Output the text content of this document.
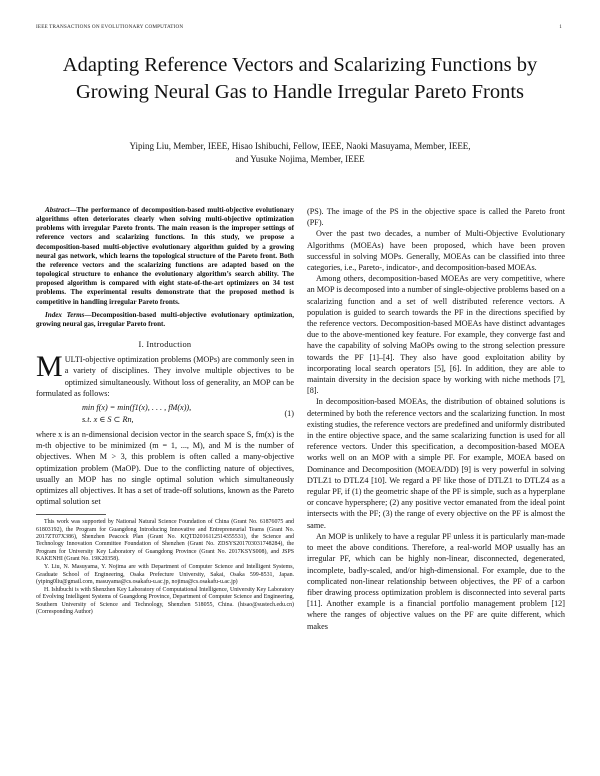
IEEE TRANSACTIONS ON EVOLUTIONARY COMPUTATION	1
Adapting Reference Vectors and Scalarizing Functions by Growing Neural Gas to Handle Irregular Pareto Fronts
Yiping Liu, Member, IEEE, Hisao Ishibuchi, Fellow, IEEE, Naoki Masuyama, Member, IEEE,
and Yusuke Nojima, Member, IEEE

Abstract—The performance of decomposition-based multi-objective evolutionary algorithms often deteriorates clearly when solving multi-objective optimization problems with irregular Pareto fronts. The main reason is the improper settings of reference vectors and scalarizing functions. In this study, we propose a decomposition-based multi-objective evolutionary algorithm guided by a growing neural gas network, which learns the topological structure of the Pareto front. Both the reference vectors and the scalarizing functions are adapted based on the topological structure to enhance the evolutionary algorithm’s search ability. The proposed algorithm is compared with eight state-of-the-art optimizers on 34 test problems. The experimental results demonstrate that the proposed method is competitive in handling irregular Pareto fronts.

Index Terms—Decomposition-based multi-objective evolutionary optimization, growing neural gas, irregular Pareto front.

I. Introduction

MULTI-objective optimization problems (MOPs) are commonly seen in a variety of disciplines. They involve multiple objectives to be optimized simultaneously. Without loss of generality, an MOP can be formulated as follows:

min f(x) = min(f1(x), . . . , fM(x)),
s.t. x ∈ S ⊂ Rn,
(1)

where x is an n-dimensional decision vector in the search space S, fm(x) is the m-th objective to be minimized (m = 1, ..., M), and M is the number of objectives. When M > 3, this problem is often called a many-objective optimization problem (MaOP). Due to the conflicting nature of objectives, usually an MOP has no single optimal solution which simultaneously optimizes all objectives. It has a set of trade-off solutions, known as the Pareto optimal solution set

This work was supported by National Natural Science Foundation of China (Grant No. 61876075 and 61803192), the Program for Guangdong Introducing Innovative and Entrepreneurial Teams (Grant No. 2017ZT07X386), Shenzhen Peacock Plan (Grant No. KQTD2016112514355531), the Science and Technology Innovation Committee Foundation of Shenzhen (Grant No. ZDSYS201703031748284), the Program for University Key Laboratory of Guangdong Province (Grant No. 2017KSYS008), and JSPS KAKENHI (Grant No. 19K20358).

Y. Liu, N. Masuyama, Y. Nojima are with Department of Computer Science and Intelligent Systems, Graduate School of Engineering, Osaka Prefecture University, Sakai, Osaka 599-8531, Japan. (yiping0liu@gmail.com, masuyama@cs.osakafu-u.ac.jp, nojima@cs.osakafu-u.ac.jp)

H. Ishibuchi is with Shenzhen Key Laboratory of Computational Intelligence, University Key Laboratory of Evolving Intelligent Systems of Guangdong Province, Department of Computer Science and Engineering, Southern University of Science and Technology, Shenzhen 518055, China. (hisao@sustech.edu.cn) (Corresponding Author)

(PS). The image of the PS in the objective space is called the Pareto front (PF).

Over the past two decades, a number of Multi-Objective Evolutionary Algorithms (MOEAs) have been proposed, which have been proven successful in solving MOPs. Generally, MOEAs can be classified into three categories, i.e., Pareto-, indicator-, and decomposition-based MOEAs.

Among others, decomposition-based MOEAs are very competitive, where an MOP is decomposed into a number of single-objective problems based on a scalarizing function and a set of well distributed reference vectors. A population is guided to search towards the PF in the directions specified by the reference vectors. Decomposition-based MOEAs have distinct advantages due to the above-mentioned key feature. For example, they converge fast and have the capability of solving MaOPs owing to the strong selection pressure towards the PF [1]–[4]. They also have good exploitation ability by incorporating local search operators [5], [6]. In addition, they are able to maintain diversity in the decision space by working with niche methods [7], [8].

In decomposition-based MOEAs, the distribution of obtained solutions is determined by both the reference vectors and the scalarizing function. In most existing studies, the reference vectors are predefined and uniformly distributed in the entire objective space, and the same scalarizing function is used for all reference vectors. Under this specification, a decomposition-based MOEA works well on an MOP with a simple PF. For example, MOEA based on Dominance and Decomposition (MOEA/DD) [9] is very powerful in solving DTLZ1 to DTLZ4 [10]. We regard a PF like those of DTLZ1 to DTLZ4 as a regular PF, if (1) the geometric shape of the PF is simple, such as a hyperplane or concave hypersphere; (2) any positive vector emanated from the ideal point intersects with the PF; (3) the range of every objective on the PF is almost the same.

An MOP is unlikely to have a regular PF unless it is particularly man-made to meet the above conditions. Therefore, a real-world MOP usually has an irregular PF, which can be highly non-linear, disconnected, degenerated, incomplete, badly-scaled, and/or high-dimensional. For example, due to the complicated non-linear relationship between objectives, the PF of a carbon fiber drawing process optimization problem is disconnected into several parts [11]. Another example is a financial portfolio management problem [12] where the ranges of objective values on the PF are quite different, which makes
